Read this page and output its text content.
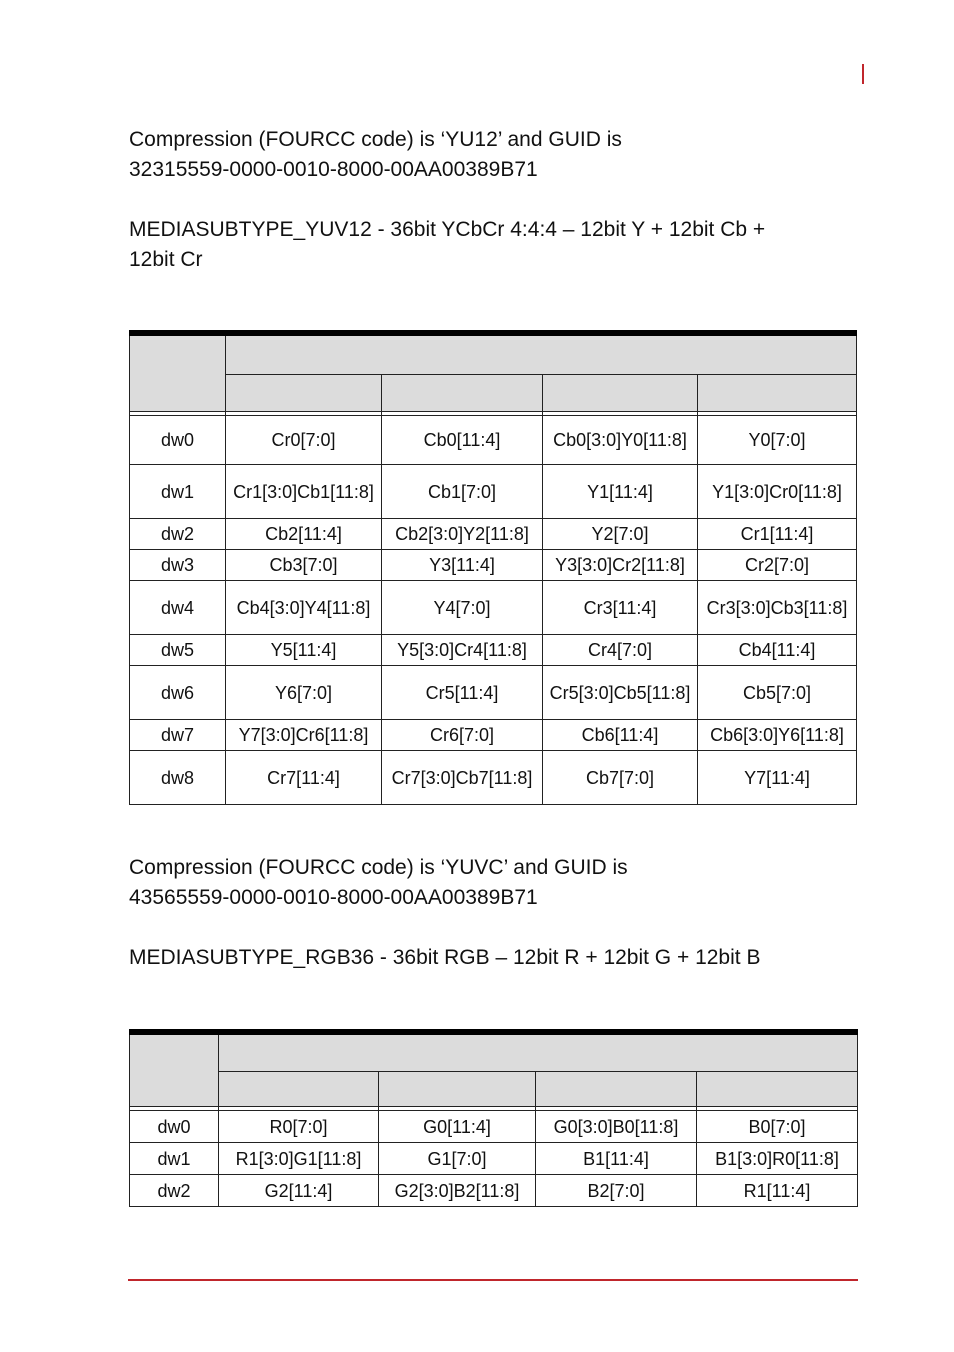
Compression (FOURCC code) is ‘YU12’ and GUID is
32315559-0000-0010-8000-00AA00389B71

MEDIASUBTYPE_YUV12 - 36bit YCbCr 4:4:4 – 12bit Y + 12bit Cb +
12bit Cr

dw0	Cr0[7:0]	Cb0[11:4]	Cb0[3:0]Y0[11:8]	Y0[7:0]
dw1	Cr1[3:0]Cb1[11:8]	Cb1[7:0]	Y1[11:4]	Y1[3:0]Cr0[11:8]
dw2	Cb2[11:4]	Cb2[3:0]Y2[11:8]	Y2[7:0]	Cr1[11:4]
dw3	Cb3[7:0]	Y3[11:4]	Y3[3:0]Cr2[11:8]	Cr2[7:0]
dw4	Cb4[3:0]Y4[11:8]	Y4[7:0]	Cr3[11:4]	Cr3[3:0]Cb3[11:8]
dw5	Y5[11:4]	Y5[3:0]Cr4[11:8]	Cr4[7:0]	Cb4[11:4]
dw6	Y6[7:0]	Cr5[11:4]	Cr5[3:0]Cb5[11:8]	Cb5[7:0]
dw7	Y7[3:0]Cr6[11:8]	Cr6[7:0]	Cb6[11:4]	Cb6[3:0]Y6[11:8]
dw8	Cr7[11:4]	Cr7[3:0]Cb7[11:8]	Cb7[7:0]	Y7[11:4]

Compression (FOURCC code) is ‘YUVC’ and GUID is
43565559-0000-0010-8000-00AA00389B71

MEDIASUBTYPE_RGB36 - 36bit RGB – 12bit R + 12bit G + 12bit B

dw0	R0[7:0]	G0[11:4]	G0[3:0]B0[11:8]	B0[7:0]
dw1	R1[3:0]G1[11:8]	G1[7:0]	B1[11:4]	B1[3:0]R0[11:8]
dw2	G2[11:4]	G2[3:0]B2[11:8]	B2[7:0]	R1[11:4]
